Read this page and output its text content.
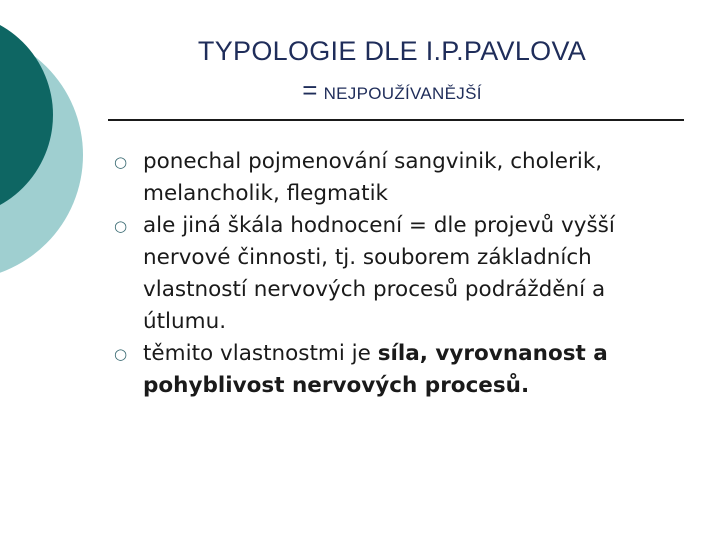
TYPOLOGIE DLE I.P.PAVLOVA
= NEJPOUŽÍVANĚJŠÍ
○ ponechal pojmenování sangvinik, cholerik, melancholik, flegmatik
○ ale jiná škála hodnocení = dle projevů vyšší nervové činnosti, tj. souborem základních vlastností nervových procesů podráždění a útlumu.
○ těmito vlastnostmi je síla, vyrovnanost a pohyblivost nervových procesů.
